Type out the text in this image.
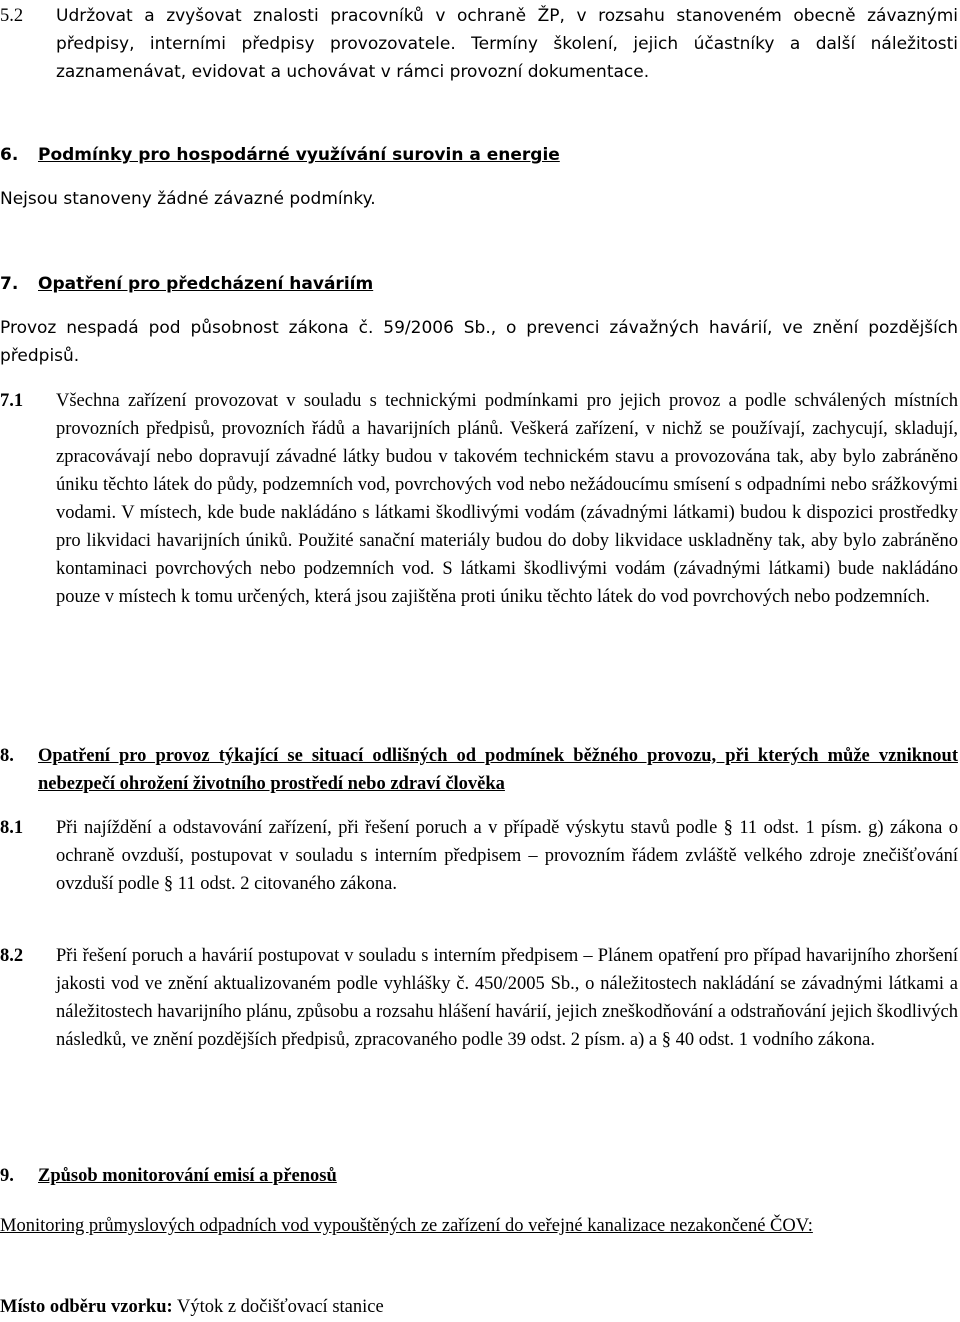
5.2	Udržovat a zvyšovat znalosti pracovníků v ochraně ŽP, v rozsahu stanoveném obecně závaznými předpisy, interními předpisy provozovatele. Termíny školení, jejich účastníky a další náležitosti zaznamenávat, evidovat a uchovávat v rámci provozní dokumentace.
6.	Podmínky pro hospodárné využívání surovin a energie

Nejsou stanoveny žádné závazné podmínky.

7.	Opatření pro předcházení haváriím

Provoz nespadá pod působnost zákona č. 59/2006 Sb., o prevenci závažných havárií, ve znění pozdějších předpisů.

7.1	Všechna zařízení provozovat v souladu s technickými podmínkami pro jejich provoz a podle schválených místních provozních předpisů, provozních řádů a havarijních plánů. Veškerá zařízení, v nichž se používají, zachycují, skladují, zpracovávají nebo dopravují závadné látky budou v takovém technickém stavu a provozována tak, aby bylo zabráněno úniku těchto látek do půdy, podzemních vod, povrchových vod nebo nežádoucímu smísení s odpadními nebo srážkovými vodami. V místech, kde bude nakládáno s látkami škodlivými vodám (závadnými látkami) budou k dispozici prostředky pro likvidaci havarijních úniků. Použité sanační materiály budou do doby likvidace uskladněny tak, aby bylo zabráněno kontaminaci povrchových nebo podzemních vod. S látkami škodlivými vodám (závadnými látkami) bude nakládáno pouze v místech k tomu určených, která jsou zajištěna proti úniku těchto látek do vod povrchových nebo podzemních.
8.	Opatření pro provoz týkající se situací odlišných od podmínek běžného provozu, při kterých může vzniknout nebezpečí ohrožení životního prostředí nebo zdraví člověka
8.1	Při najíždění a odstavování zařízení, při řešení poruch a v případě výskytu stavů podle § 11 odst. 1 písm. g) zákona o ochraně ovzduší, postupovat v souladu s interním předpisem – provozním řádem zvláště velkého zdroje znečišťování ovzduší podle § 11 odst. 2 citovaného zákona.
8.2	Při řešení poruch a havárií postupovat v souladu s interním předpisem – Plánem opatření pro případ havarijního zhoršení jakosti vod ve znění aktualizovaném podle vyhlášky č. 450/2005 Sb., o náležitostech nakládání se závadnými látkami a náležitostech havarijního plánu, způsobu a rozsahu hlášení havárií, jejich zneškodňování a odstraňování jejich škodlivých následků, ve znění pozdějších předpisů, zpracovaného podle 39 odst. 2 písm. a) a § 40 odst. 1 vodního zákona.
9.	Způsob monitorování emisí a přenosů

Monitoring průmyslových odpadních vod vypouštěných ze zařízení do veřejné kanalizace nezakončené ČOV:

Místo odběru vzorku: Výtok z dočišťovací stanice
